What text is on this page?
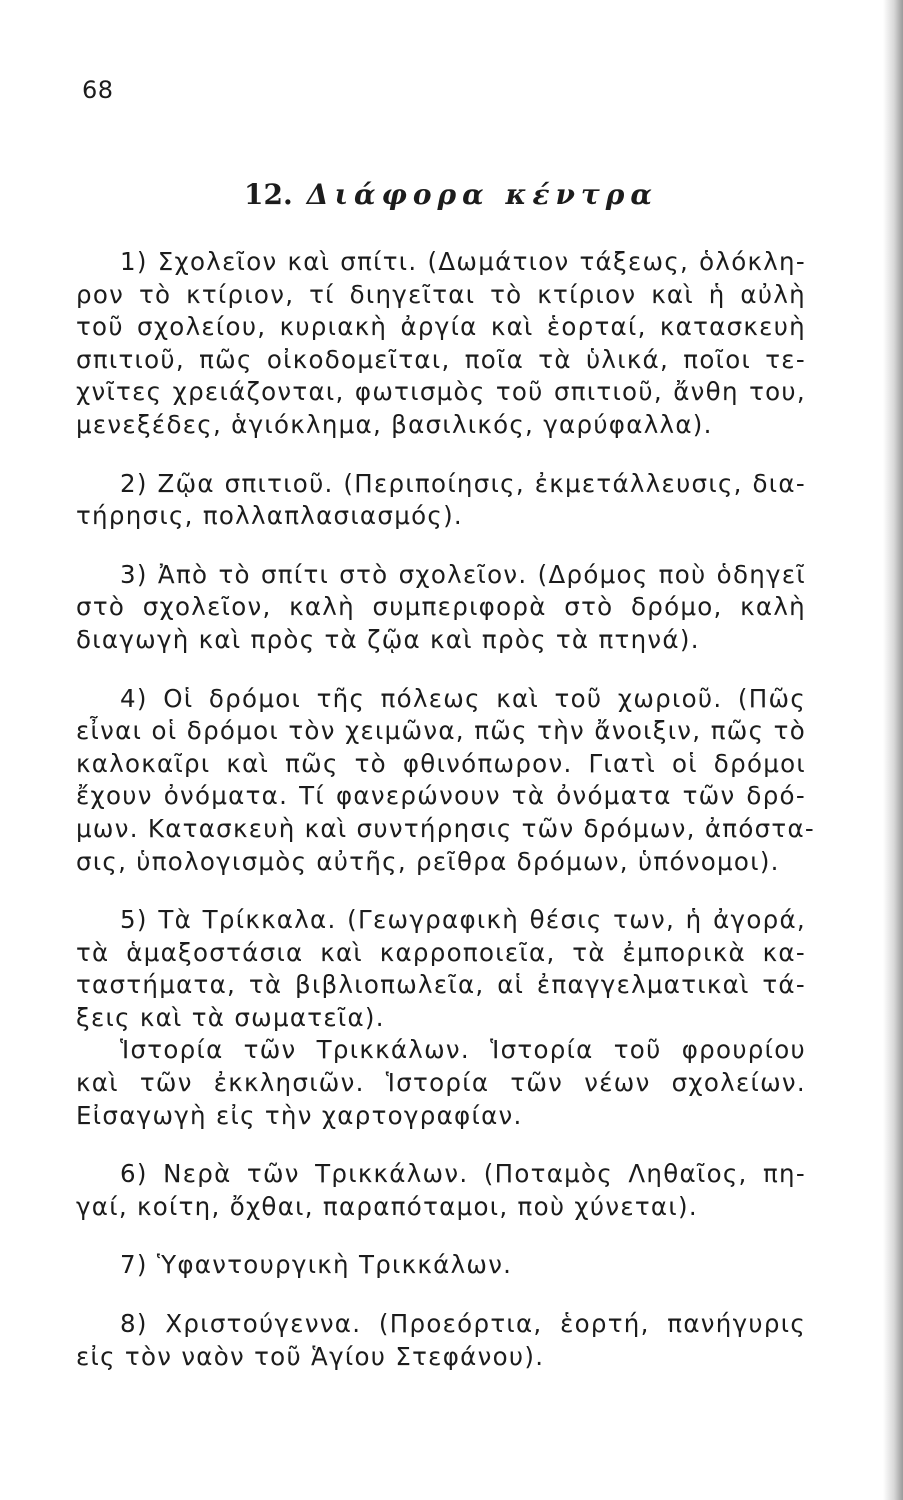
68
12. Διάφορα κέντρα
1) Σχολεῖον καὶ σπίτι. (Δωμάτιον τάξεως, ὁλόκλη-
ρον τὸ κτίριον, τί διηγεῖται τὸ κτίριον καὶ ἡ αὐλὴ
τοῦ σχολείου, κυριακὴ ἀργία καὶ ἑορταί, κατασκευὴ
σπιτιοῦ, πῶς οἰκοδομεῖται, ποῖα τὰ ὑλικά, ποῖοι τε-
χνῖτες χρειάζονται, φωτισμὸς τοῦ σπιτιοῦ, ἄνθη του,
μενεξέδες, ἁγιόκλημα, βασιλικός, γαρύφαλλα).
2) Ζῷα σπιτιοῦ. (Περιποίησις, ἐκμετάλλευσις, δια-
τήρησις, πολλαπλασιασμός).
3) Ἀπὸ τὸ σπίτι στὸ σχολεῖον. (Δρόμος ποὺ ὁδηγεῖ
στὸ σχολεῖον, καλὴ συμπεριφορὰ στὸ δρόμο, καλὴ
διαγωγὴ καὶ πρὸς τὰ ζῷα καὶ πρὸς τὰ πτηνά).
4) Οἱ δρόμοι τῆς πόλεως καὶ τοῦ χωριοῦ. (Πῶς
εἶναι οἱ δρόμοι τὸν χειμῶνα, πῶς τὴν ἄνοιξιν, πῶς τὸ
καλοκαῖρι καὶ πῶς τὸ φθινόπωρον. Γιατὶ οἱ δρόμοι
ἔχουν ὀνόματα. Τί φανερώνουν τὰ ὀνόματα τῶν δρό-
μων. Κατασκευὴ καὶ συντήρησις τῶν δρόμων, ἀπόστα-
σις, ὑπολογισμὸς αὐτῆς, ρεῖθρα δρόμων, ὑπόνομοι).
5) Τὰ Τρίκκαλα. (Γεωγραφικὴ θέσις των, ἡ ἀγορά,
τὰ ἁμαξοστάσια καὶ καρροποιεῖα, τὰ ἐμπορικὰ κα-
ταστήματα, τὰ βιβλιοπωλεῖα, αἱ ἐπαγγελματικαὶ τά-
ξεις καὶ τὰ σωματεῖα).
Ἱστορία τῶν Τρικκάλων. Ἱστορία τοῦ φρουρίου
καὶ τῶν ἐκκλησιῶν. Ἱστορία τῶν νέων σχολείων.
Εἰσαγωγὴ εἰς τὴν χαρτογραφίαν.
6) Νερὰ τῶν Τρικκάλων. (Ποταμὸς Ληθαῖος, πη-
γαί, κοίτη, ὄχθαι, παραπόταμοι, ποὺ χύνεται).
7) Ὑφαντουργικὴ Τρικκάλων.
8) Χριστούγεννα. (Προεόρτια, ἑορτή, πανήγυρις
εἰς τὸν ναὸν τοῦ Ἁγίου Στεφάνου).
